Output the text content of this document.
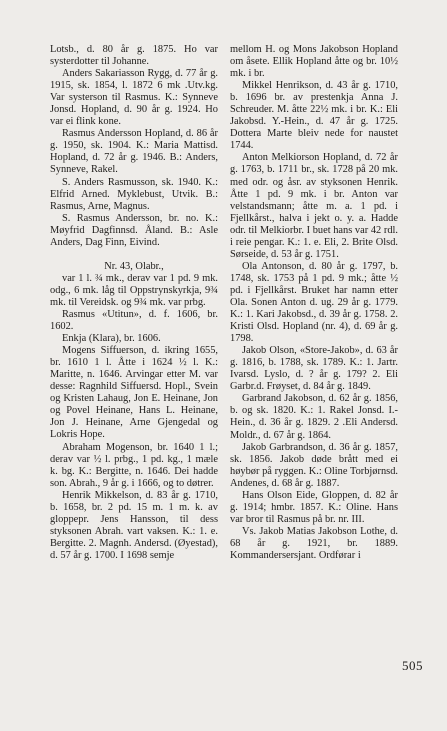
Lotsb., d. 80 år g. 1875. Ho var systerdotter til Johanne.

Anders Sakariasson Rygg, d. 77 år g. 1915, sk. 1854, l. 1872 6 mk .Utv.kg. Var systerson til Rasmus. K.: Synneve Jonsd. Hopland, d. 90 år g. 1924. Ho var ei flink kone.

Rasmus Andersson Hopland, d. 86 år g. 1950, sk. 1904. K.: Maria Mattisd. Hopland, d. 72 år g. 1946. B.: Anders, Synneve, Rakel.

S. Anders Rasmusson, sk. 1940. K.: Elfrid Arned. Myklebust, Utvik. B.: Rasmus, Arne, Magnus.

S. Rasmus Andersson, br. no. K.: Møyfrid Dagfinnsd. Åland. B.: Asle Anders, Dag Finn, Eivind.

Nr. 43, Olabr.,

var 1 l. ¾ mk., derav var 1 pd. 9 mk. odg., 6 mk. låg til Oppstrynskyrkja, 9¾ mk. til Vereidsk. og 9¾ mk. var prbg.

Rasmus «Utitun», d. f. 1606, br. 1602.

Enkja (Klara), br. 1606.

Mogens Siffuerson, d. ikring 1655, br. 1610 1 l. Åtte i 1624 ½ l. K.: Maritte, n. 1646. Arvingar etter M. var desse: Ragnhild Siffuersd. Hopl., Svein og Kristen Lahaug, Jon E. Heinane, Jon og Povel Heinane, Hans L. Heinane, Jon J. Heinane, Arne Gjengedal og Lokris Hope.

Abraham Mogenson, br. 1640 1 l.; derav var ½ l. prbg., 1 pd. kg., 1 mæle k. bg. K.: Bergitte, n. 1646. Dei hadde son. Abrah., 9 år g. i 1666, og to døtrer.

Henrik Mikkelson, d. 83 år g. 1710, b. 1658, br. 2 pd. 15 m. 1 m. k. av gloppepr. Jens Hansson, til dess styksonen Abrah. vart vaksen. K.: 1. e. Bergitte. 2. Magnh. Andersd. (Øyestad), d. 57 år g. 1700. I 1698 semje

mellom H. og Mons Jakobson Hopland om åsete. Ellik Hopland åtte og br. 10½ mk. i br.

Mikkel Henrikson, d. 43 år g. 1710, b. 1696 br. av prestenkja Anna J. Schreuder. M. åtte 22½ mk. i br. K.: Eli Jakobsd. Y.-Hein., d. 47 år g. 1725. Dottera Marte bleiv nede for naustet 1744.

Anton Melkiorson Hopland, d. 72 år g. 1763, b. 1711 br., sk. 1728 på 20 mk. med odr. og åsr. av styksonen Henrik. Åtte 1 pd. 9 mk. i br. Anton var velstandsmann; åtte m. a. 1 pd. i Fjellkårst., halva i jekt o. y. a. Hadde odr. til Melkiorbr. I buet hans var 42 rdl. i reie pengar. K.: 1. e. Eli, 2. Brite Olsd. Sørseide, d. 53 år g. 1751.

Ola Antonson, d. 80 år g. 1797, b. 1748, sk. 1753 på 1 pd. 9 mk.; åtte ½ pd. i Fjellkårst. Bruket har namn etter Ola. Sonen Anton d. ug. 29 år g. 1779. K.: 1. Kari Jakobsd., d. 39 år g. 1758. 2. Kristi Olsd. Hopland (nr. 4), d. 69 år g. 1798.

Jakob Olson, «Store-Jakob», d. 63 år g. 1816, b. 1788, sk. 1789. K.: 1. Jartr. Ivarsd. Lyslo, d. ? år g. 179? 2. Eli Garbr.d. Frøyset, d. 84 år g. 1849.

Garbrand Jakobson, d. 62 år g. 1856, b. og sk. 1820. K.: 1. Rakel Jonsd. I.-Hein., d. 36 år g. 1829. 2 .Eli Andersd. Moldr., d. 67 år g. 1864.

Jakob Garbrandson, d. 36 år g. 1857, sk. 1856. Jakob døde brått med ei høybør på ryggen. K.: Oline Torbjørnsd. Andenes, d. 68 år g. 1887.

Hans Olson Eide, Gloppen, d. 82 år g. 1914; hmbr. 1857. K.: Oline. Hans var bror til Rasmus på br. nr. III.

Vs. Jakob Matias Jakobson Lothe, d. 68 år g. 1921, br. 1889. Kommandersersjant. Ordførar i

505
